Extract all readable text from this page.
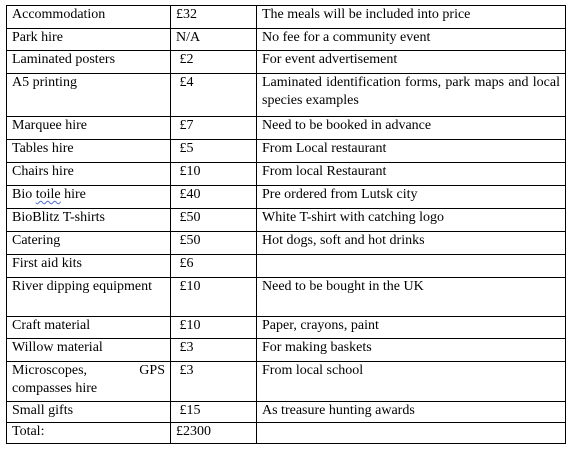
Accommodation	£32	The meals will be included into price
Park hire	N/A	No fee for a community event
Laminated posters	£2	For event advertisement
A5 printing	£4	Laminated identification forms, park maps and local species examples
Marquee hire	£7	Need to be booked in advance
Tables hire	£5	From Local restaurant
Chairs hire	£10	From local Restaurant
Bio toile hire	£40	Pre ordered from Lutsk city
BioBlitz T-shirts	£50	White T-shirt with catching logo
Catering	£50	Hot dogs, soft and hot drinks
First aid kits	£6	
River dipping equipment	£10	Need to be bought in the UK
Craft material	£10	Paper, crayons, paint
Willow material	£3	For making baskets
Microscopes, GPS compasses hire	£3	From local school
Small gifts	£15	As treasure hunting awards
Total:	£2300	
